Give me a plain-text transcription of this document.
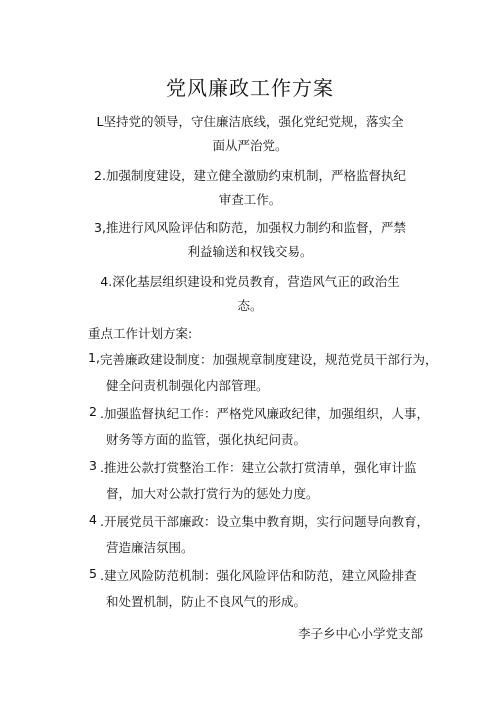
党风廉政工作方案
L坚持党的领导，守住廉洁底线，强化党纪党规，落实全
面从严治党。
2.加强制度建设，建立健全激励约束机制，严格监督执纪
审查工作。
3,推进行风风险评估和防范，加强权力制约和监督，严禁
利益输送和权钱交易。
4.深化基层组织建设和党员教育，营造风气正的政治生
态。
重点工作计划方案:
1, 完善廉政建设制度：加强规章制度建设，规范党员干部行为，
健全问责机制强化内部管理。
2 .加强监督执纪工作：严格党风廉政纪律，加强组织，人事，
财务等方面的监管，强化执纪问责。
3 .推进公款打赏整治工作：建立公款打赏清单，强化审计监
督，加大对公款打赏行为的惩处力度。
4 .开展党员干部廉政：设立集中教育期，实行问题导向教育，
营造廉洁氛围。
5 .建立风险防范机制：强化风险评估和防范，建立风险排查
和处置机制，防止不良风气的形成。
李子乡中心小学党支部
